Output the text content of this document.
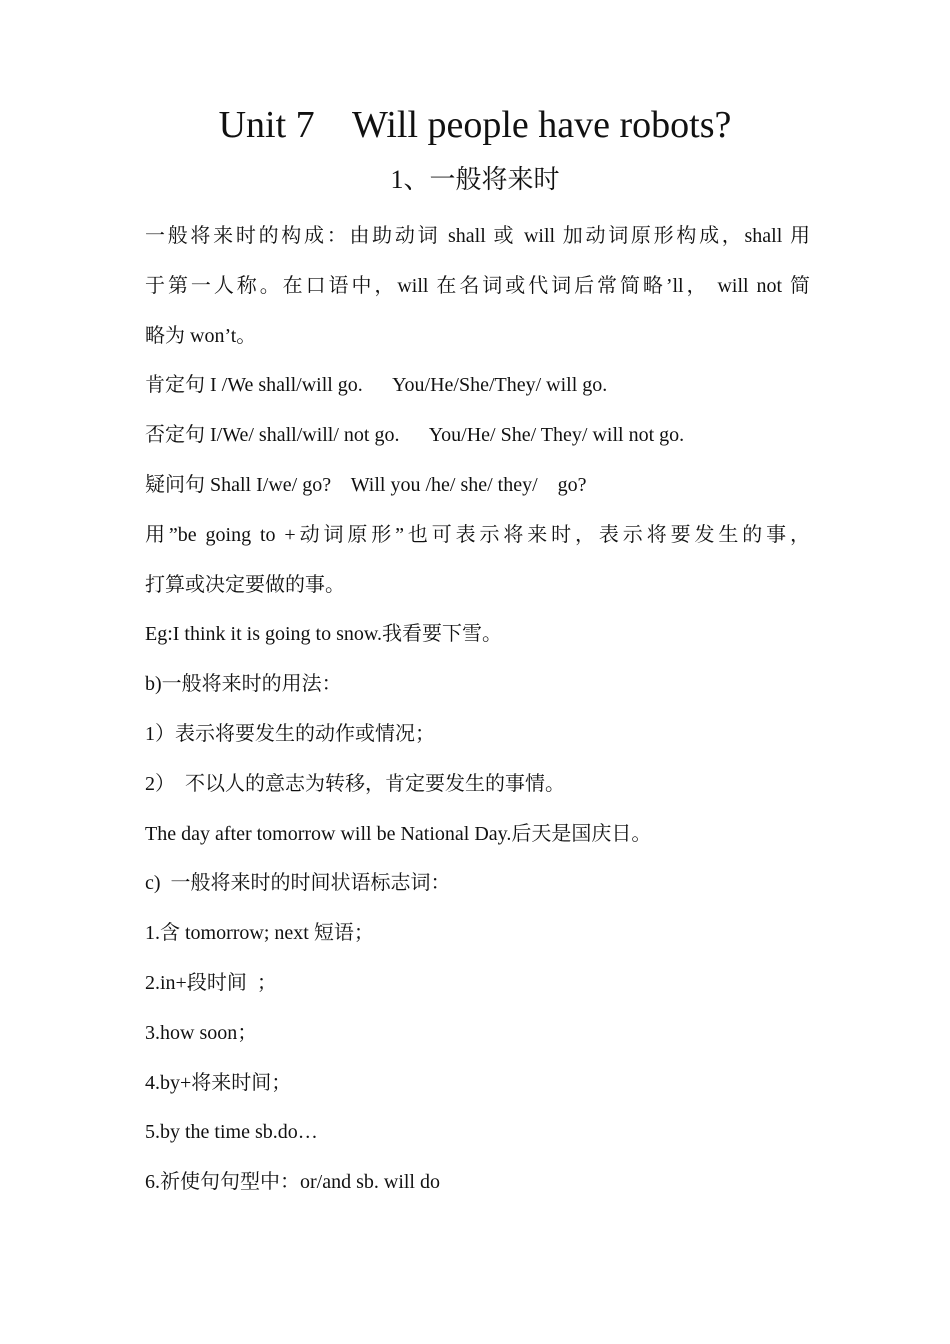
Unit 7    Will people have robots?
1、一般将来时
一般将来时的构成：由助动词 shall 或 will 加动词原形构成，shall 用
于第一人称。在口语中，will 在名词或代词后常简略’ll， will not 简
略为 won’t。
肯定句 I /We shall/will go.      You/He/She/They/ will go.
否定句 I/We/ shall/will/ not go.      You/He/ She/ They/ will not go.
疑问句 Shall I/we/ go?    Will you /he/ she/ they/    go?
用”be going to +动词原形”也可表示将来时，表示将要发生的事，
打算或决定要做的事。
Eg:I think it is going to snow.我看要下雪。
b)一般将来时的用法：
1）表示将要发生的动作或情况；
2）  不以人的意志为转移，肯定要发生的事情。
The day after tomorrow will be National Day.后天是国庆日。
c)  一般将来时的时间状语标志词：
1.含 tomorrow; next 短语；
2.in+段时间  ；
3.how soon；
4.by+将来时间；
5.by the time sb.do…
6.祈使句句型中：or/and sb. will do
